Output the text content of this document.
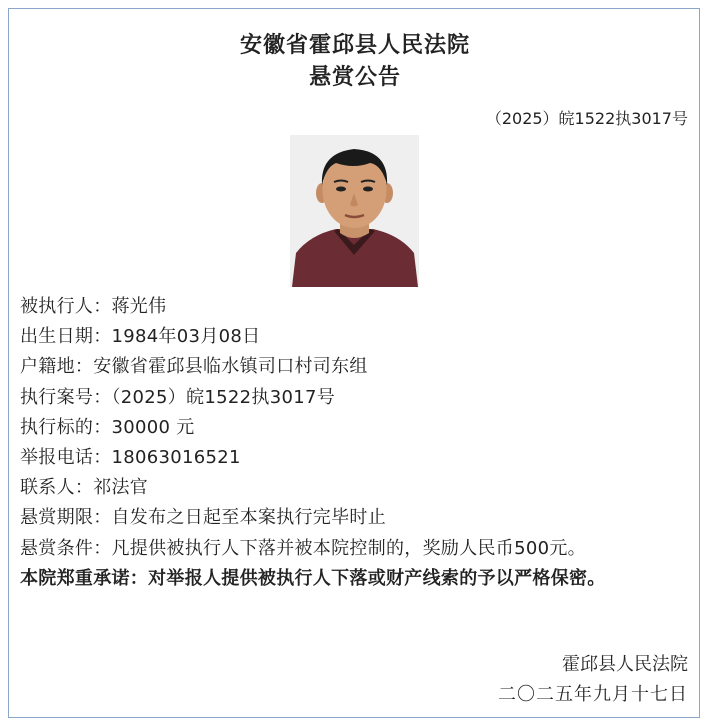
安徽省霍邱县人民法院
悬赏公告
（2025）皖1522执3017号
被执行人：蒋光伟
出生日期：1984年03月08日
户籍地：安徽省霍邱县临水镇司口村司东组
执行案号：（2025）皖1522执3017号
执行标的：30000 元
举报电话：18063016521
联系人：祁法官
悬赏期限：自发布之日起至本案执行完毕时止
悬赏条件：凡提供被执行人下落并被本院控制的，奖励人民币500元。
本院郑重承诺：对举报人提供被执行人下落或财产线索的予以严格保密。
霍邱县人民法院
二〇二五年九月十七日
